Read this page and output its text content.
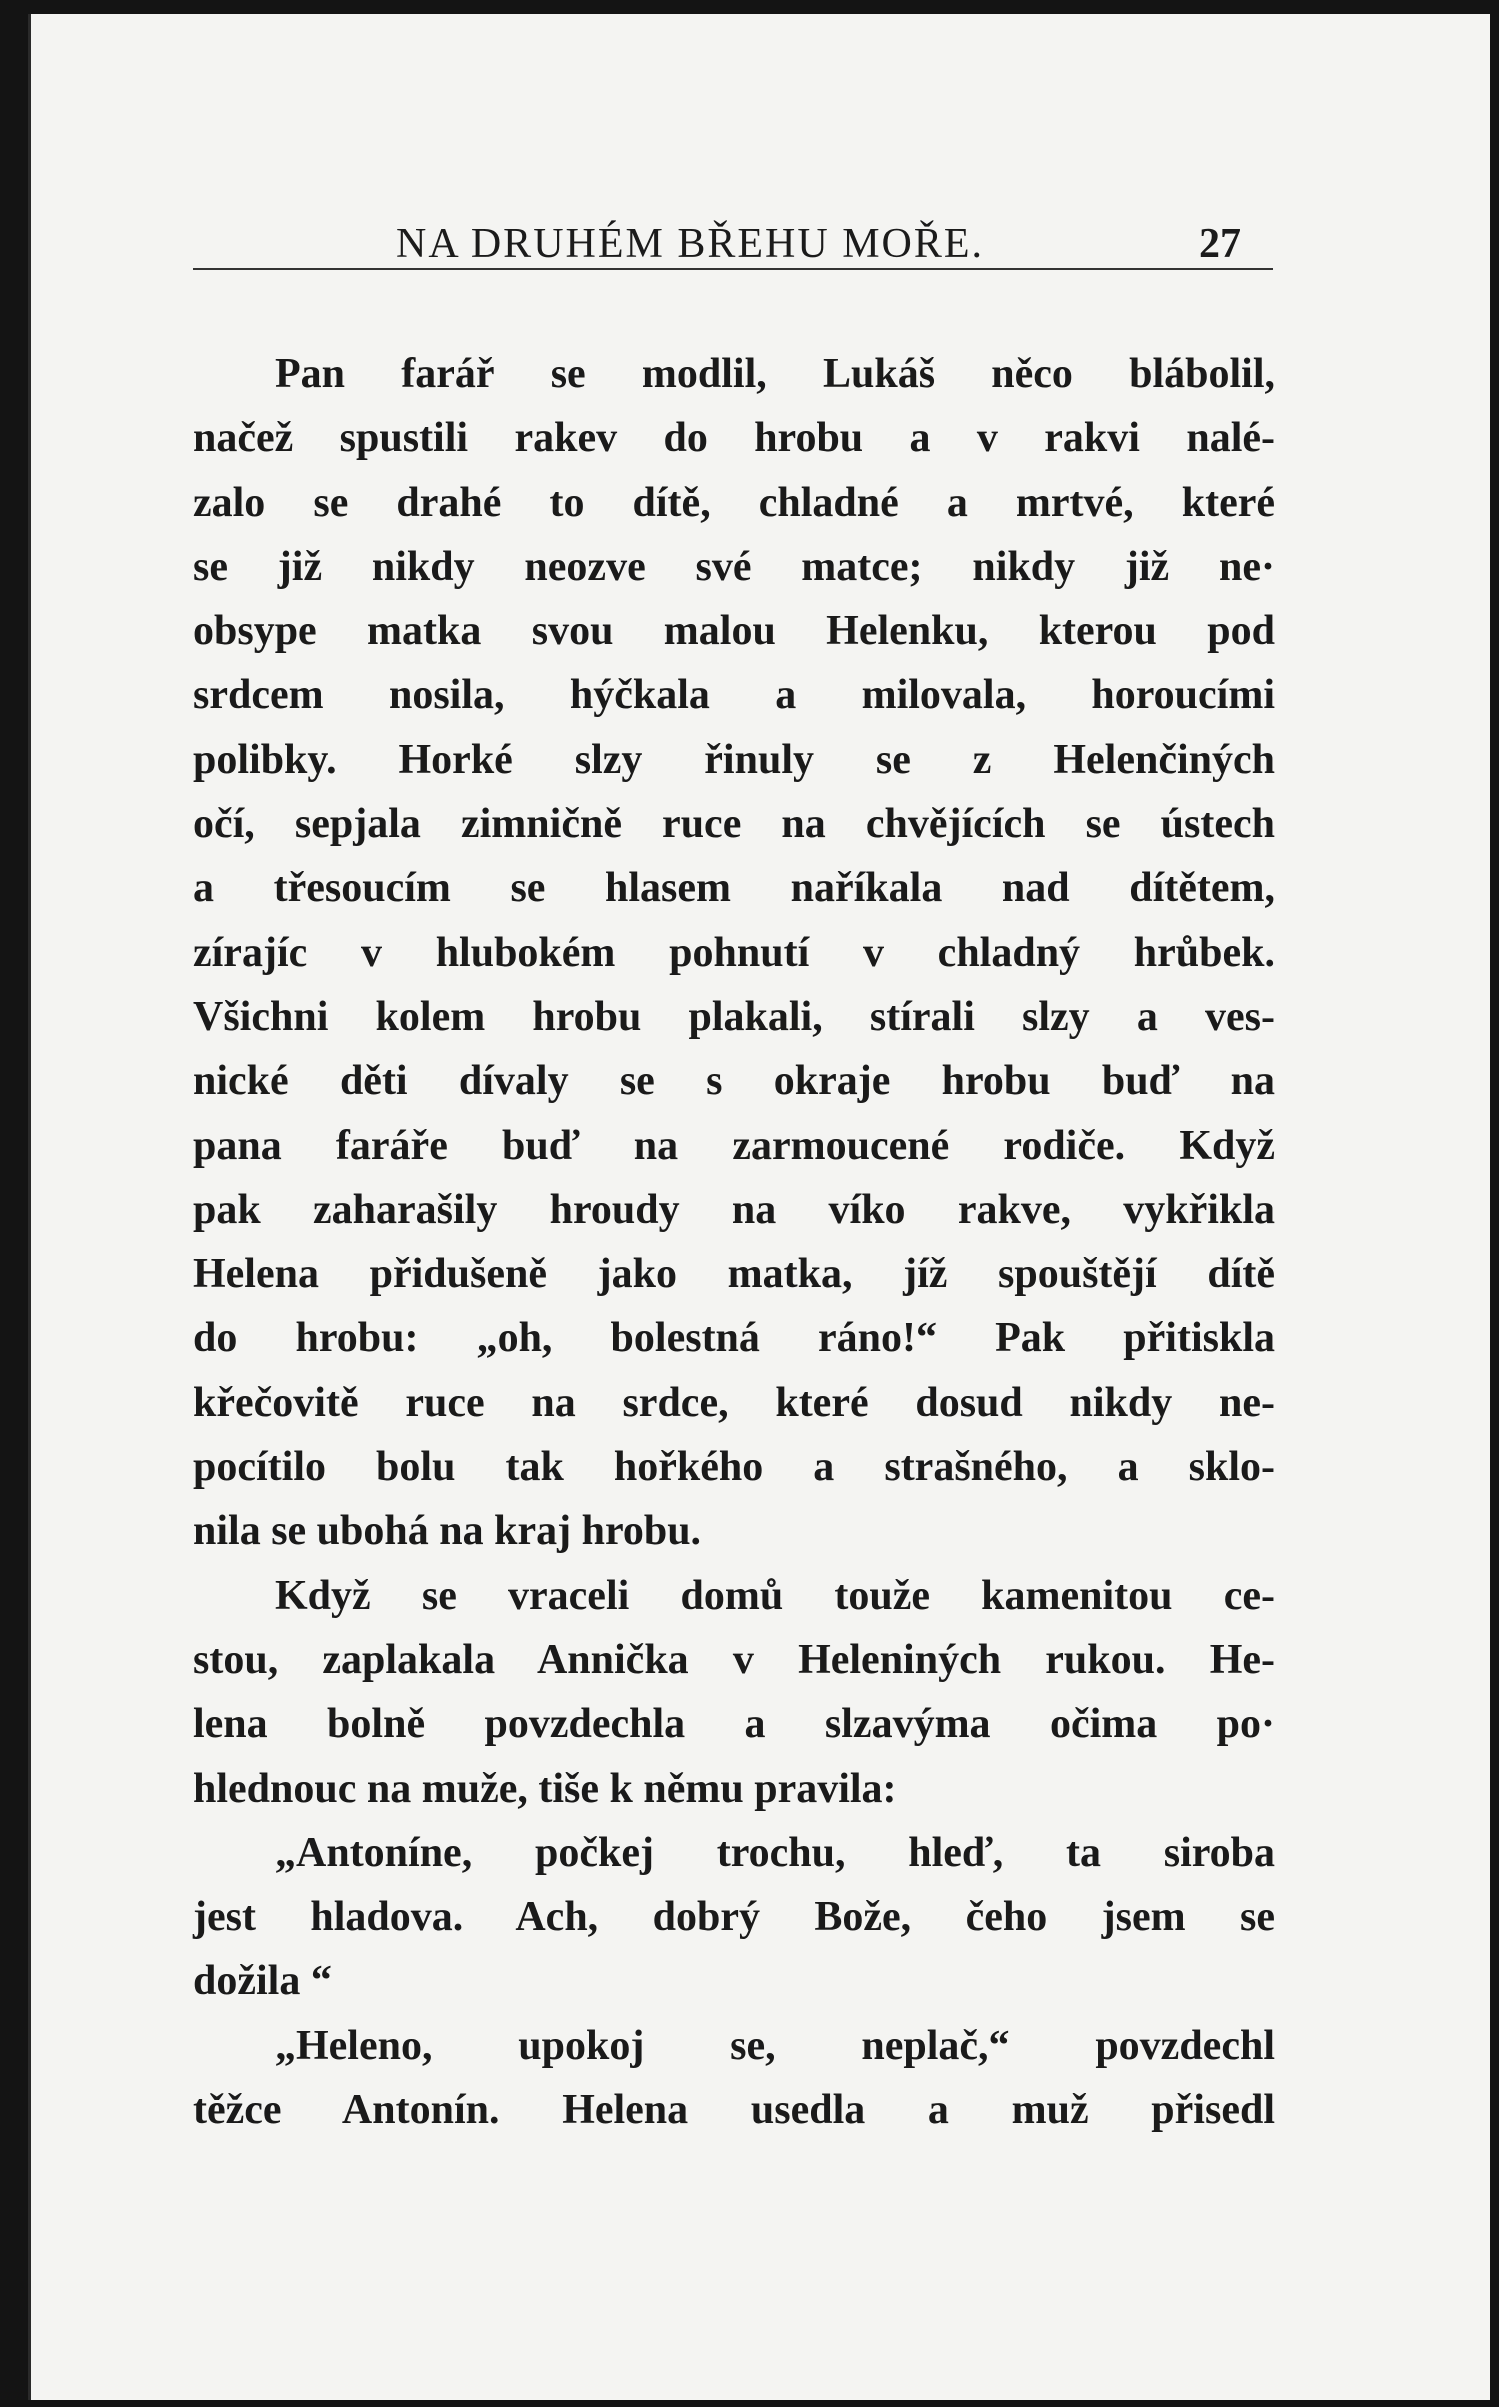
NA DRUHÉM BŘEHU MOŘE.	27
Pan farář se modlil, Lukáš něco blábolil,
načež spustili rakev do hrobu a v rakvi nalé-
zalo se drahé to dítě, chladné a mrtvé, které
se již nikdy neozve své matce; nikdy již ne·
obsype matka svou malou Helenku, kterou pod
srdcem nosila, hýčkala a milovala, horoucími
polibky. Horké slzy řinuly se z Helenčiných
očí, sepjala zimničně ruce na chvějících se ústech
a třesoucím se hlasem naříkala nad dítětem,
zírajíc v hlubokém pohnutí v chladný hrůbek.
Všichni kolem hrobu plakali, stírali slzy a ves-
nické děti dívaly se s okraje hrobu buď na
pana faráře buď na zarmoucené rodiče. Když
pak zaharašily hroudy na víko rakve, vykřikla
Helena přidušeně jako matka, jíž spouštějí dítě
do hrobu: „oh, bolestná ráno!“ Pak přitiskla
křečovitě ruce na srdce, které dosud nikdy ne-
pocítilo bolu tak hořkého a strašného, a sklo-
nila se ubohá na kraj hrobu.
Když se vraceli domů touže kamenitou ce-
stou, zaplakala Annička v Heleniných rukou. He-
lena bolně povzdechla a slzavýma očima po·
hlednouc na muže, tiše k němu pravila:
„Antoníne, počkej trochu, hleď, ta siroba
jest hladova. Ach, dobrý Bože, čeho jsem se
dožila “
„Heleno, upokoj se, neplač,“ povzdechl
těžce Antonín. Helena usedla a muž přisedl
